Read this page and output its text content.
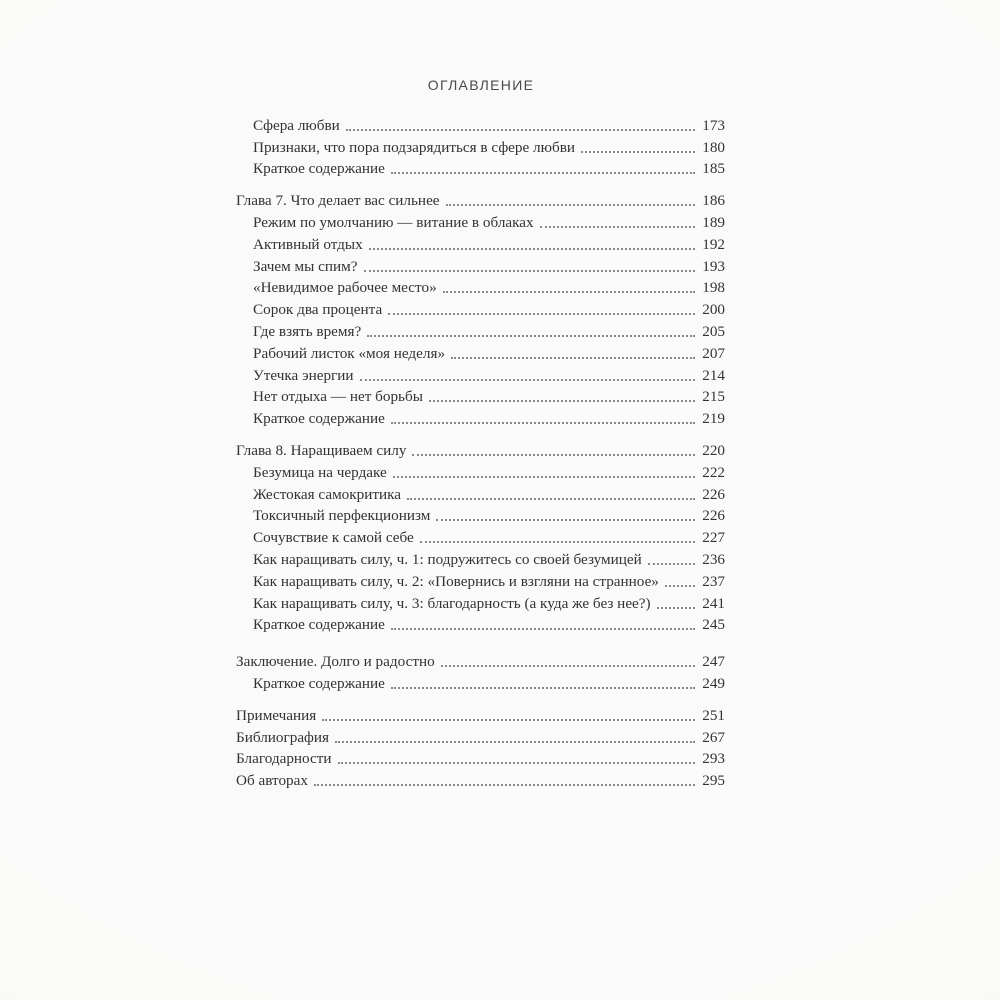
ОГЛАВЛЕНИЕ
Сфера любви	173
Признаки, что пора подзарядиться в сфере любви	180
Краткое содержание	185
Глава 7. Что делает вас сильнее	186
Режим по умолчанию — витание в облаках	189
Активный отдых	192
Зачем мы спим?	193
«Невидимое рабочее место»	198
Сорок два процента	200
Где взять время?	205
Рабочий листок «моя неделя»	207
Утечка энергии	214
Нет отдыха — нет борьбы	215
Краткое содержание	219
Глава 8. Наращиваем силу	220
Безумица на чердаке	222
Жестокая самокритика	226
Токсичный перфекционизм	226
Сочувствие к самой себе	227
Как наращивать силу, ч. 1: подружитесь со своей безумицей	236
Как наращивать силу, ч. 2: «Повернись и взгляни на странное»	237
Как наращивать силу, ч. 3: благодарность (а куда же без нее?)	241
Краткое содержание	245
Заключение. Долго и радостно	247
Краткое содержание	249
Примечания	251
Библиография	267
Благодарности	293
Об авторах	295
